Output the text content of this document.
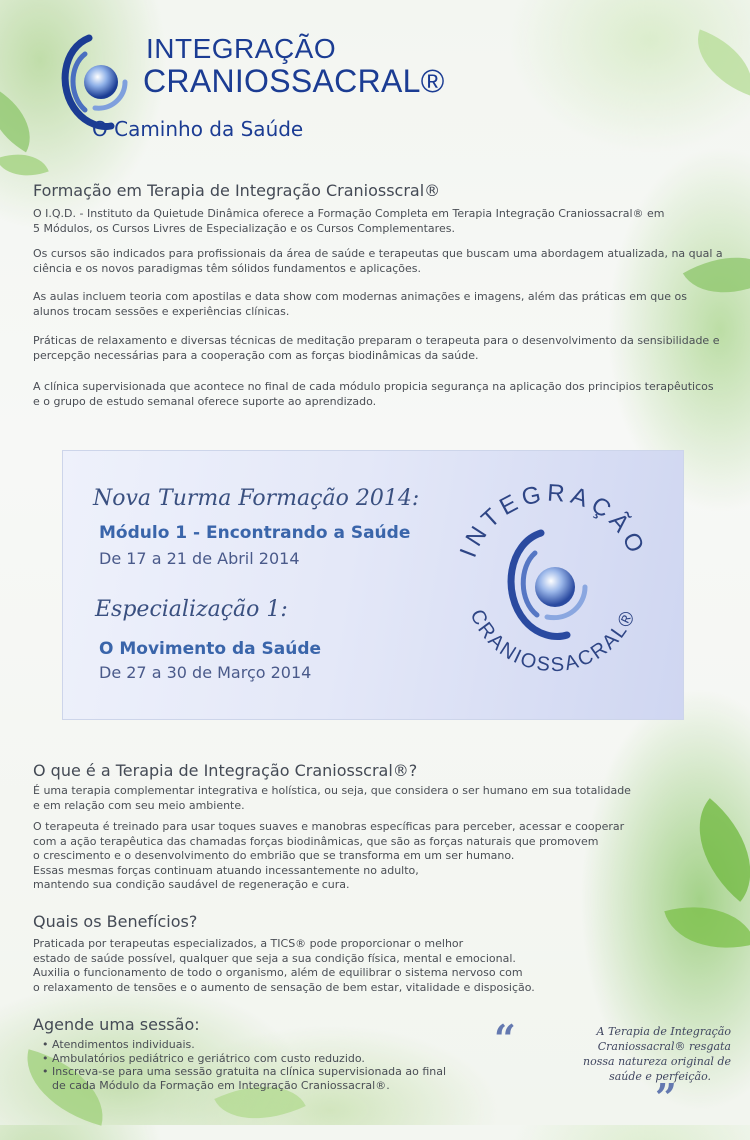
INTEGRAÇÃO
CRANIOSSACRAL®
O Caminho da Saúde
Formação em Terapia de Integração Craniosscral®

O I.Q.D. - Instituto da Quietude Dinâmica oferece a Formação Completa em Terapia Integração Craniossacral® em 5 Módulos, os Cursos Livres de Especialização e os Cursos Complementares.

Os cursos são indicados para profissionais da área de saúde e terapeutas que buscam uma abordagem atualizada, na qual a ciência e os novos paradigmas têm sólidos fundamentos e aplicações.

As aulas incluem teoria com apostilas e data show com modernas animações e imagens, além das práticas em que os alunos trocam sessões e experiências clínicas.

Práticas de relaxamento e diversas técnicas de meditação preparam o terapeuta para o desenvolvimento da sensibilidade e percepção necessárias para a cooperação com as forças biodinâmicas da saúde.

A clínica supervisionada que acontece no final de cada módulo propicia segurança na aplicação dos principios terapêuticos e o grupo de estudo semanal oferece suporte ao aprendizado.

Nova Turma Formação 2014:
Módulo 1 - Encontrando a Saúde
De 17 a 21 de Abril 2014
Especialização 1:
O Movimento da Saúde
De 27 a 30 de Março 2014
INTEGRAÇÃO
CRANIOSSACRAL®
O que é a Terapia de Integração Craniosscral®?
É uma terapia complementar integrativa e holística, ou seja, que considera o ser humano em sua totalidade
e em relação com seu meio ambiente.
O terapeuta é treinado para usar toques suaves e manobras específicas para perceber, acessar e cooperar
com a ação terapêutica das chamadas forças biodinâmicas, que são as forças naturais que promovem
o crescimento e o desenvolvimento do embrião que se transforma em um ser humano.
Essas mesmas forças continuam atuando incessantemente no adulto,
mantendo sua condição saudável de regeneração e cura.
Quais os Benefícios?
Praticada por terapeutas especializados, a TICS® pode proporcionar o melhor
estado de saúde possível, qualquer que seja a sua condição física, mental e emocional.
Auxilia o funcionamento de todo o organismo, além de equilibrar o sistema nervoso com
o relaxamento de tensões e o aumento de sensação de bem estar, vitalidade e disposição.
Agende uma sessão:
• Atendimentos individuais.
• Ambulatórios pediátrico e geriátrico com custo reduzido.
• Inscreva-se para uma sessão gratuita na clínica supervisionada ao final de cada Módulo da Formação em Integração Craniossacral®.
“	A Terapia de Integração
Craniossacral® resgata
nossa natureza original de
saúde e perfeição.
”
